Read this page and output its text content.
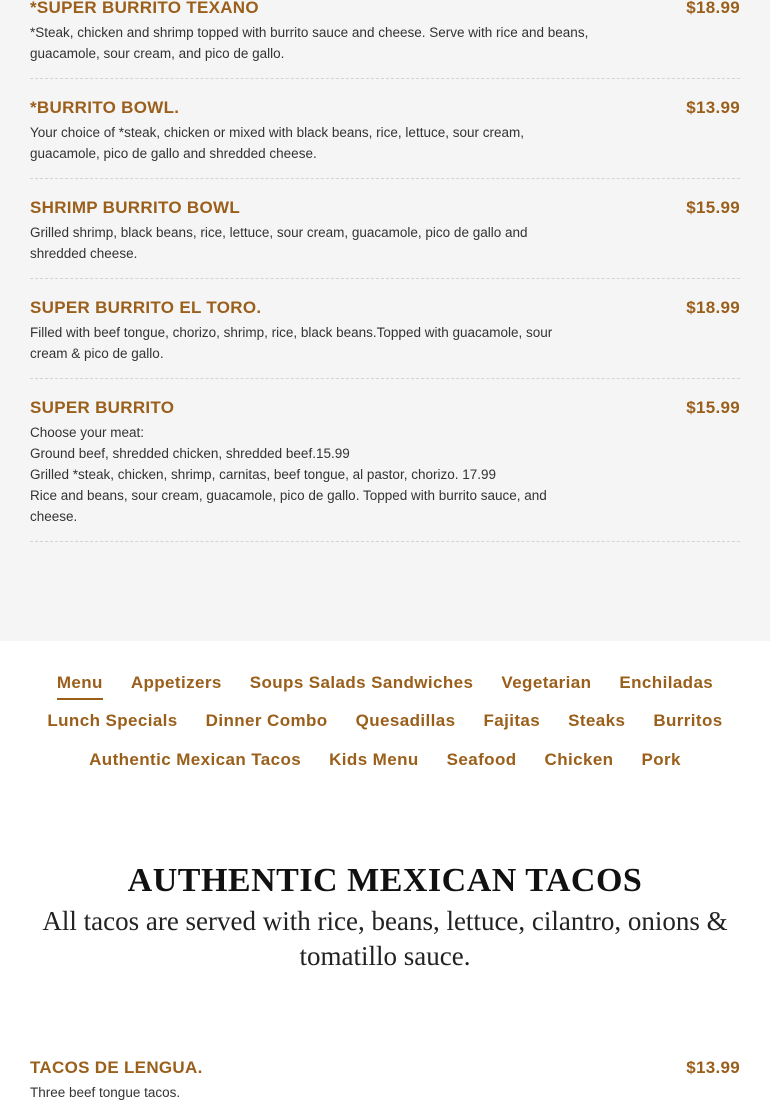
*SUPER BURRITO TEXANO	$18.99
*Steak, chicken and shrimp topped with burrito sauce and cheese. Serve with rice and beans,
guacamole, sour cream, and pico de gallo.
*BURRITO BOWL.	$13.99
Your choice of *steak, chicken or mixed with black beans, rice, lettuce, sour cream,
guacamole, pico de gallo and shredded cheese.
SHRIMP BURRITO BOWL	$15.99
Grilled shrimp, black beans, rice, lettuce, sour cream, guacamole, pico de gallo and
shredded cheese.
SUPER BURRITO EL TORO.	$18.99
Filled with beef tongue, chorizo, shrimp, rice, black beans.Topped with guacamole, sour
cream & pico de gallo.
SUPER BURRITO	$15.99
Choose your meat:
Ground beef, shredded chicken, shredded beef.15.99
Grilled *steak, chicken, shrimp, carnitas, beef tongue, al pastor, chorizo. 17.99
Rice and beans, sour cream, guacamole, pico de gallo. Topped with burrito sauce, and
cheese.
Menu Appetizers Soups Salads Sandwiches Vegetarian Enchiladas
Lunch Specials Dinner Combo Quesadillas Fajitas Steaks Burritos
Authentic Mexican Tacos Kids Menu Seafood Chicken Pork
AUTHENTIC MEXICAN TACOS

All tacos are served with rice, beans, lettuce, cilantro, onions & tomatillo sauce.

TACOS DE LENGUA.	$13.99
Three beef tongue tacos.
